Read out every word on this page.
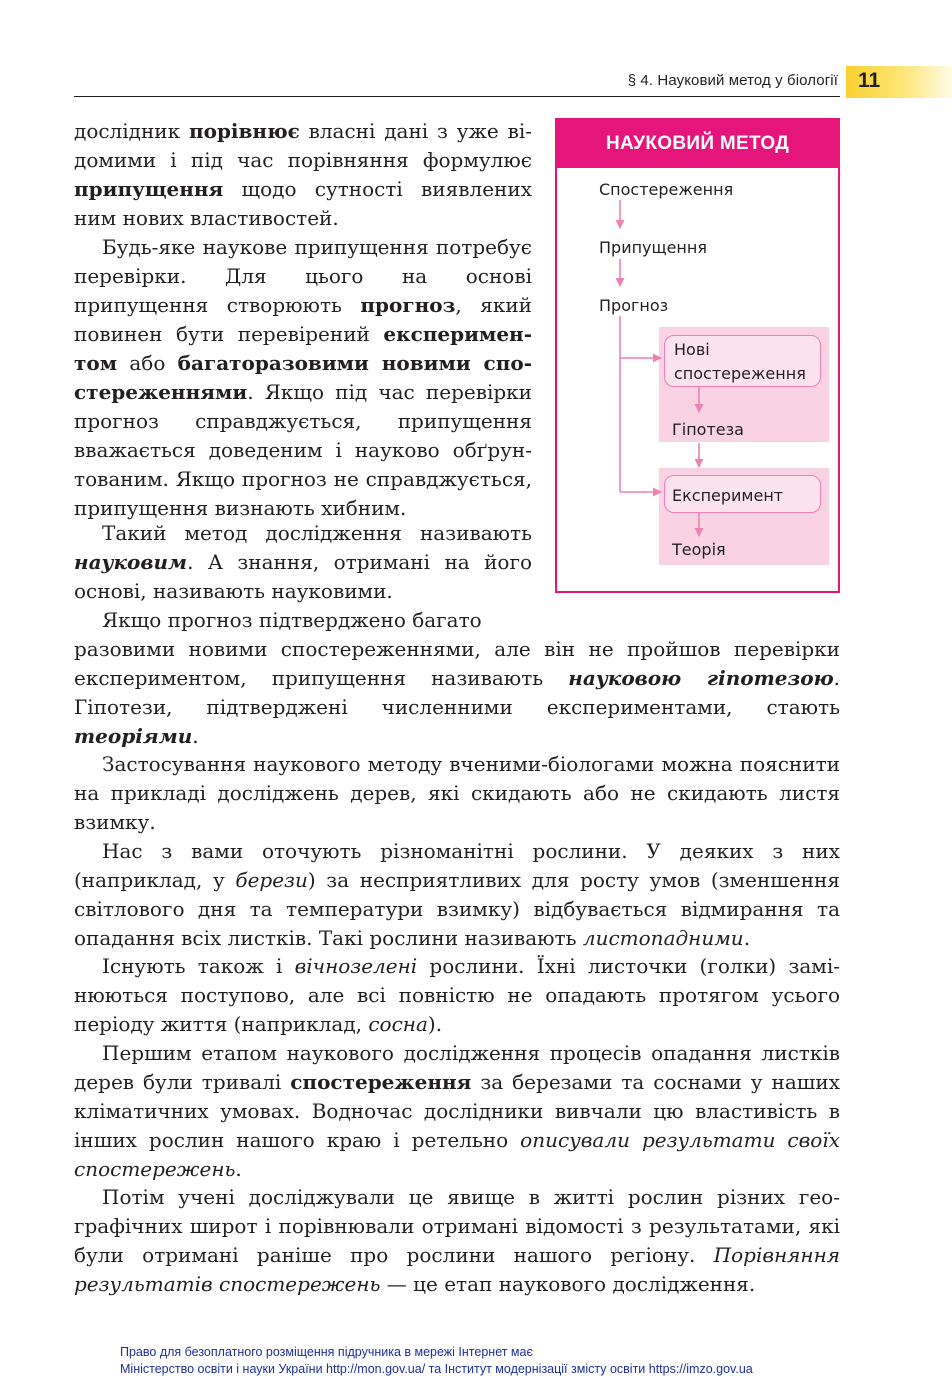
§ 4. Науковий метод у біології 11

дослідник порівнює власні дані з уже відомими і під час порівняння формулює припущення щодо сутності виявлених ним нових властивостей.

Будь-яке наукове припущення потребує перевірки. Для цього на основі припущення створюють прогноз, який повинен бути перевірений експериментом або багаторазовими новими спостереженнями. Якщо під час перевірки прогноз справджується, припущення вважається доведеним і науково обґрунтованим. Якщо прогноз не справджується, припущення визнають хибним.

Такий метод дослідження називають науковим. А знання, отримані на його основі, називають науковими.

Якщо прогноз підтверджено багато

разовими новими спостереженнями, але він не пройшов перевірки експериментом, припущення називають науковою гіпотезою. Гіпотези, підтверджені численними експериментами, стають теоріями.

Застосування наукового методу вченими-біологами можна пояснити на прикладі досліджень дерев, які скидають або не скидають листя взимку.

Нас з вами оточують різноманітні рослини. У деяких з них (наприклад, у берези) за несприятливих для росту умов (зменшення світлового дня та температури взимку) відбувається відмирання та опадання всіх листків. Такі рослини називають листопадними.

Існують також і вічнозелені рослини. Їхні листочки (голки) замінюються поступово, але всі повністю не опадають протягом усього періоду життя (наприклад, сосна).

Першим етапом наукового дослідження процесів опадання листків дерев були тривалі спостереження за березами та соснами у наших кліматичних умовах. Водночас дослідники вивчали цю властивість в інших рослин нашого краю і ретельно описували результати своїх спостережень.

Потім учені досліджували це явище в житті рослин різних географічних широт і порівнювали отримані відомості з результатами, які були отримані раніше про рослини нашого регіону. Порівняння результатів спостережень — це етап наукового дослідження.

НАУКОВИЙ МЕТОД
Спостереження
Припущення
Прогноз
Нові
спостереження
Гіпотеза
Експеримент
Теорія
Право для безоплатного розміщення підручника в мережі Інтернет має
Міністерство освіти і науки України http://mon.gov.ua/ та Інститут модернізації змісту освіти https://imzo.gov.ua
